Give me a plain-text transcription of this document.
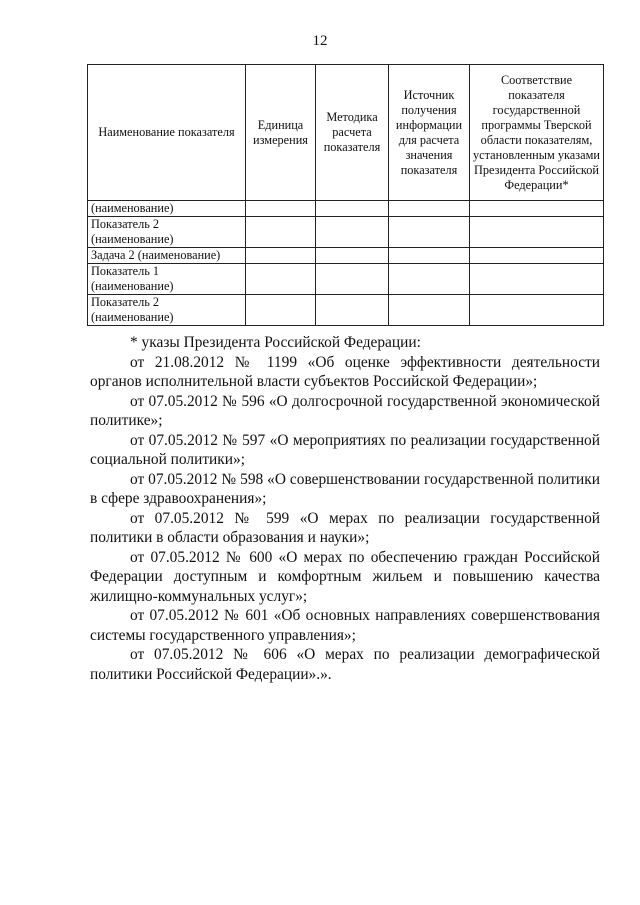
12
Наименование показателя	Единица измерения	Методика расчета показателя	Источник получения информации для расчета значения показателя	Соответствие показателя государственной программы Тверской области показателям, установленным указами Президента Российской Федерации*
(наименование)				
Показатель 2 (наименование)				
Задача 2 (наименование)				
Показатель 1 (наименование)				
Показатель 2 (наименование)				

* указы Президента Российской Федерации:

от 21.08.2012 № 1199 «Об оценке эффективности деятельности органов исполнительной власти субъектов Российской Федерации»;

от 07.05.2012 № 596 «О долгосрочной государственной экономической политике»;

от 07.05.2012 № 597 «О мероприятиях по реализации государственной социальной политики»;

от 07.05.2012 № 598 «О совершенствовании государственной политики в сфере здравоохранения»;

от 07.05.2012 № 599 «О мерах по реализации государственной политики в области образования и науки»;

от 07.05.2012 № 600 «О мерах по обеспечению граждан Российской Федерации доступным и комфортным жильем и повышению качества жилищно-коммунальных услуг»;

от 07.05.2012 № 601 «Об основных направлениях совершенствования системы государственного управления»;

от 07.05.2012 № 606 «О мерах по реализации демографической политики Российской Федерации».».
